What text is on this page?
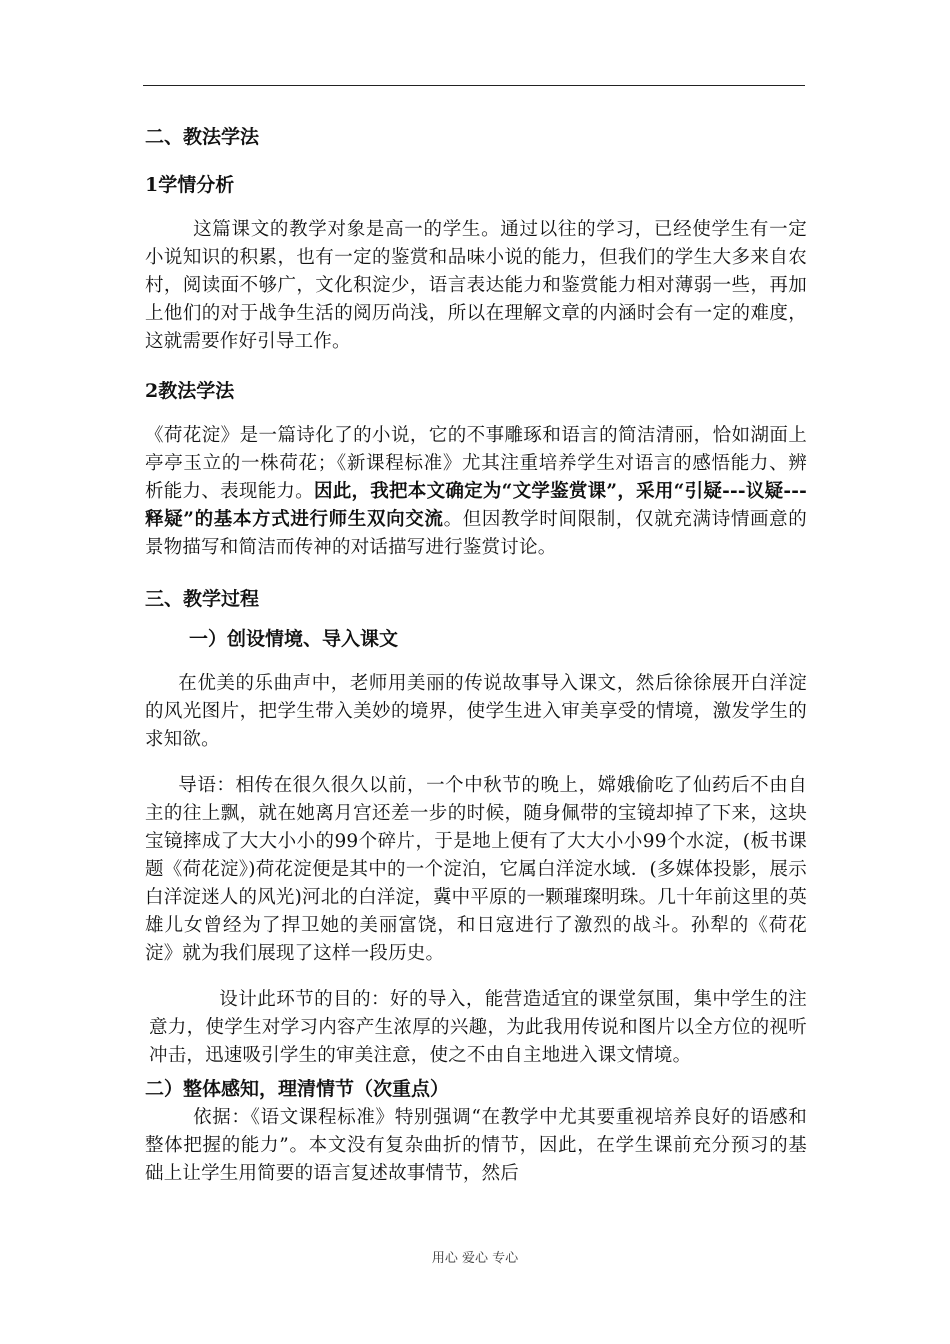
二、教法学法

1学情分析

这篇课文的教学对象是高一的学生。通过以往的学习，已经使学生有一定小说知识的积累，也有一定的鉴赏和品味小说的能力，但我们的学生大多来自农村，阅读面不够广，文化积淀少，语言表达能力和鉴赏能力相对薄弱一些，再加上他们的对于战争生活的阅历尚浅，所以在理解文章的内涵时会有一定的难度，这就需要作好引导工作。

2教法学法

《荷花淀》是一篇诗化了的小说，它的不事雕琢和语言的简洁清丽，恰如湖面上亭亭玉立的一株荷花；《新课程标准》尤其注重培养学生对语言的感悟能力、辨析能力、表现能力。因此，我把本文确定为“文学鉴赏课”，采用“引疑---议疑---释疑”的基本方式进行师生双向交流。但因教学时间限制，仅就充满诗情画意的景物描写和简洁而传神的对话描写进行鉴赏讨论。

三、教学过程

一）创设情境、导入课文

在优美的乐曲声中，老师用美丽的传说故事导入课文，然后徐徐展开白洋淀的风光图片，把学生带入美妙的境界，使学生进入审美享受的情境，激发学生的求知欲。

导语：相传在很久很久以前，一个中秋节的晚上，嫦娥偷吃了仙药后不由自主的往上飘，就在她离月宫还差一步的时候，随身佩带的宝镜却掉了下来，这块宝镜摔成了大大小小的99个碎片，于是地上便有了大大小小99个水淀，(板书课题《荷花淀》)荷花淀便是其中的一个淀泊，它属白洋淀水域．(多媒体投影，展示白洋淀迷人的风光)河北的白洋淀，冀中平原的一颗璀璨明珠。几十年前这里的英雄儿女曾经为了捍卫她的美丽富饶，和日寇进行了激烈的战斗。孙犁的《荷花淀》就为我们展现了这样一段历史。

设计此环节的目的：好的导入，能营造适宜的课堂氛围，集中学生的注意力，使学生对学习内容产生浓厚的兴趣，为此我用传说和图片以全方位的视听冲击，迅速吸引学生的审美注意，使之不由自主地进入课文情境。

二）整体感知，理清情节（次重点）

依据：《语文课程标准》特别强调“在教学中尤其要重视培养良好的语感和整体把握的能力”。本文没有复杂曲折的情节，因此，在学生课前充分预习的基础上让学生用简要的语言复述故事情节，然后

用心 爱心 专心
